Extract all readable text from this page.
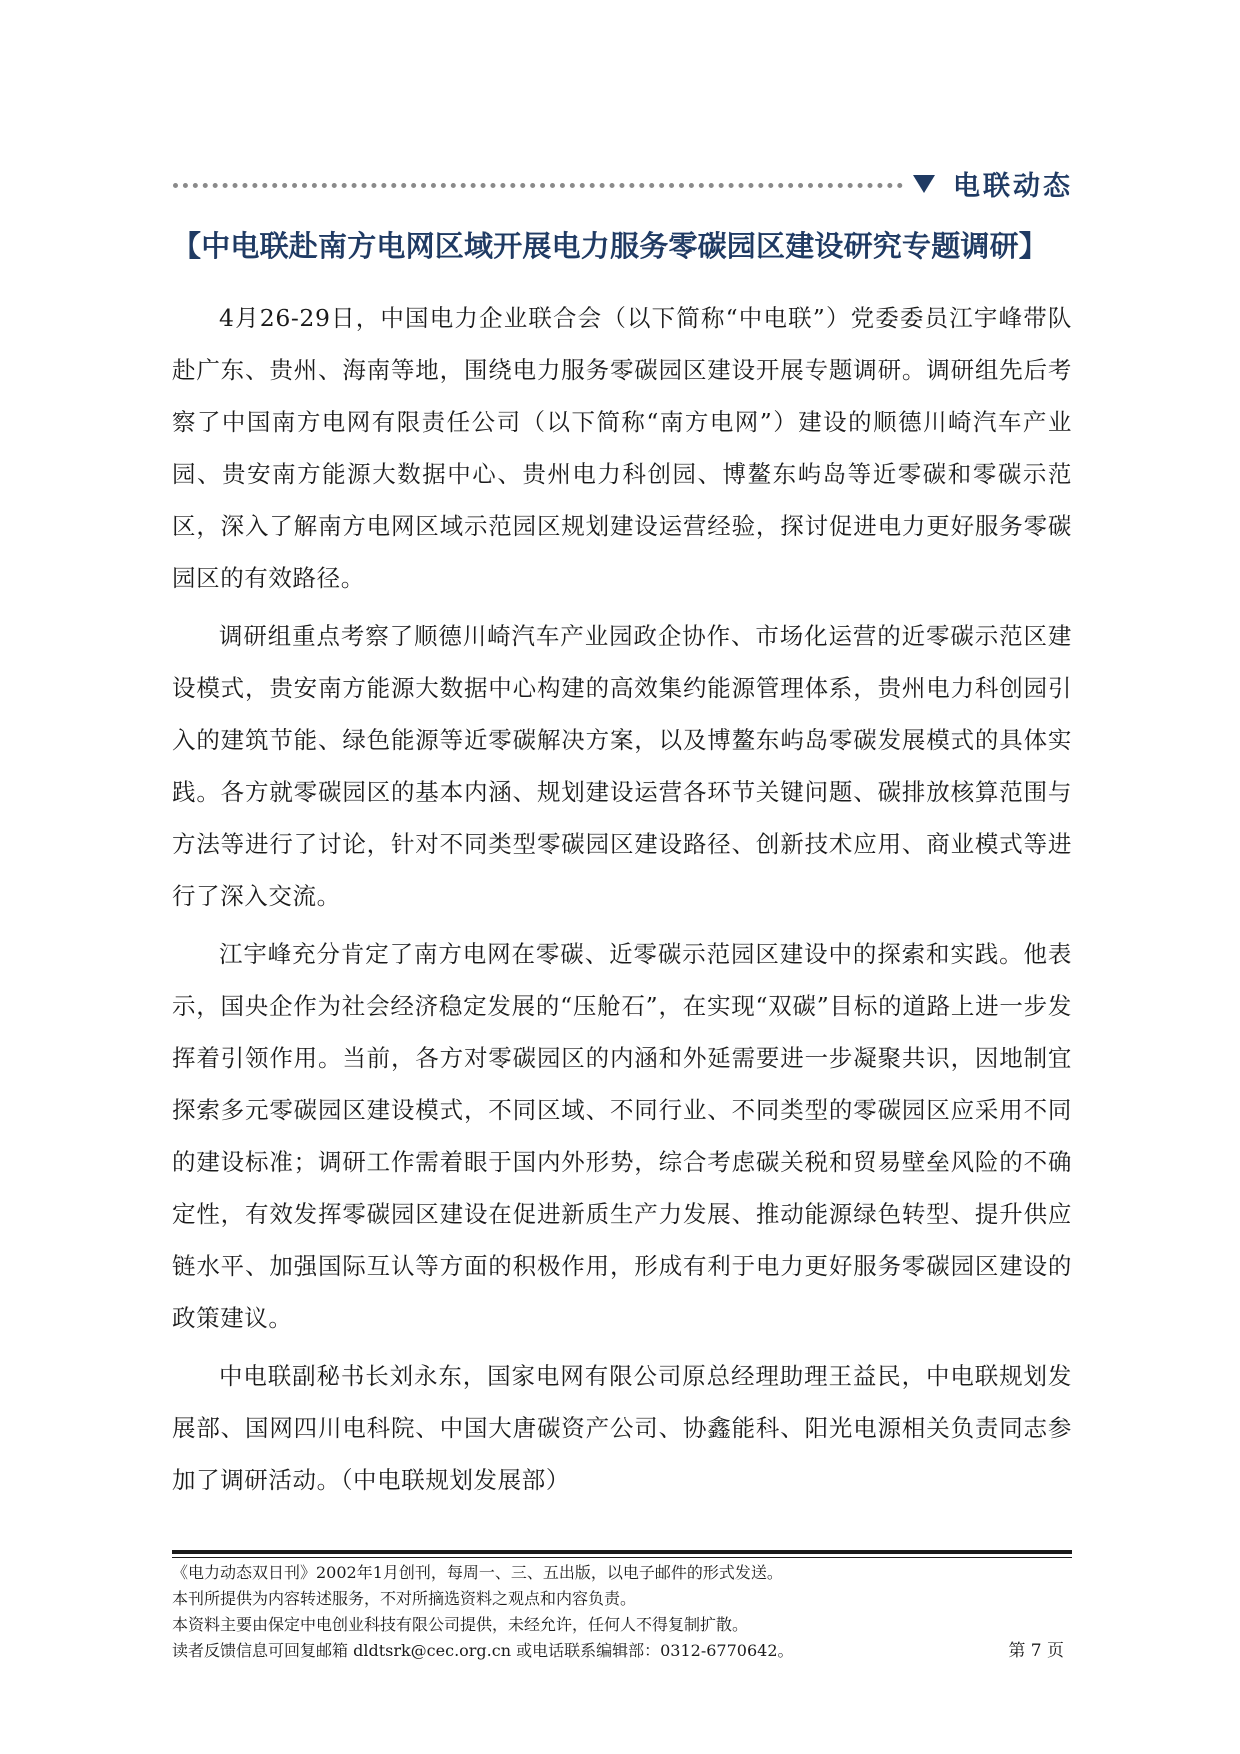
电联动态
【中电联赴南方电网区域开展电力服务零碳园区建设研究专题调研】

4月26-29日，中国电力企业联合会（以下简称“中电联”）党委委员江宇峰带队赴广东、贵州、海南等地，围绕电力服务零碳园区建设开展专题调研。调研组先后考察了中国南方电网有限责任公司（以下简称“南方电网”）建设的顺德川崎汽车产业园、贵安南方能源大数据中心、贵州电力科创园、博鳌东屿岛等近零碳和零碳示范区，深入了解南方电网区域示范园区规划建设运营经验，探讨促进电力更好服务零碳园区的有效路径。

调研组重点考察了顺德川崎汽车产业园政企协作、市场化运营的近零碳示范区建设模式，贵安南方能源大数据中心构建的高效集约能源管理体系，贵州电力科创园引入的建筑节能、绿色能源等近零碳解决方案，以及博鳌东屿岛零碳发展模式的具体实践。各方就零碳园区的基本内涵、规划建设运营各环节关键问题、碳排放核算范围与方法等进行了讨论，针对不同类型零碳园区建设路径、创新技术应用、商业模式等进行了深入交流。

江宇峰充分肯定了南方电网在零碳、近零碳示范园区建设中的探索和实践。他表示，国央企作为社会经济稳定发展的“压舱石”，在实现“双碳”目标的道路上进一步发挥着引领作用。当前，各方对零碳园区的内涵和外延需要进一步凝聚共识，因地制宜探索多元零碳园区建设模式，不同区域、不同行业、不同类型的零碳园区应采用不同的建设标准；调研工作需着眼于国内外形势，综合考虑碳关税和贸易壁垒风险的不确定性，有效发挥零碳园区建设在促进新质生产力发展、推动能源绿色转型、提升供应链水平、加强国际互认等方面的积极作用，形成有利于电力更好服务零碳园区建设的政策建议。

中电联副秘书长刘永东，国家电网有限公司原总经理助理王益民，中电联规划发展部、国网四川电科院、中国大唐碳资产公司、协鑫能科、阳光电源相关负责同志参加了调研活动。（中电联规划发展部）

《电力动态双日刊》2002年1月创刊，每周一、三、五出版，以电子邮件的形式发送。
本刊所提供为内容转述服务，不对所摘选资料之观点和内容负责。
本资料主要由保定中电创业科技有限公司提供，未经允许，任何人不得复制扩散。
读者反馈信息可回复邮箱 dldtsrk@cec.org.cn 或电话联系编辑部：0312-6770642。	第 7 页
